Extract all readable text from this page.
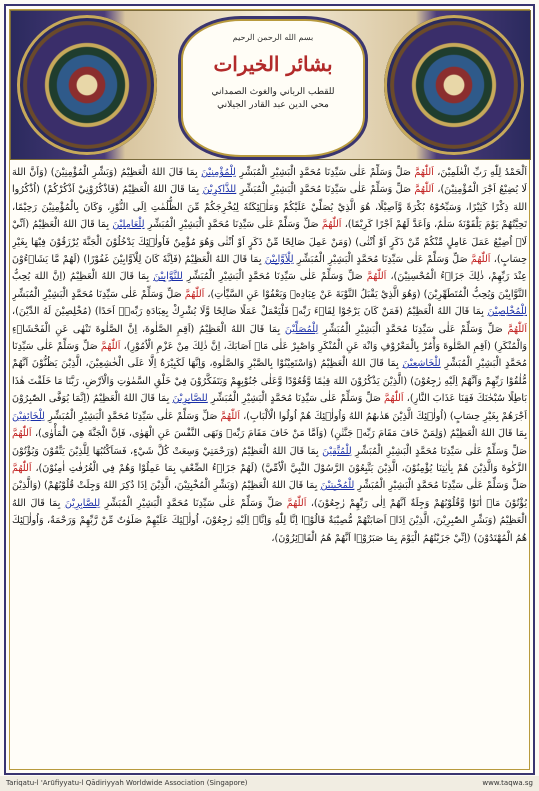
بسم الله الرحمن الرحيم
بشائر الخيرات
للقطب الرباني والغوث الصمداني
محي الدين عبد القادر الجيلاني

اَلْحَمْدُ لِلّٰهِ رَبِّ الْعٰلَمِيْنَ، اَللّٰهُمَّ صَلِّ وَسَلِّمْ عَلٰى سَيِّدِنَا مُحَمَّدٍ الْبَشِيْرِ الْمُبَشِّرِ لِلْمُؤْمِنِيْنَ بِمَا قَالَ اللهُ الْعَظِيْمُ (وَبَشِّرِ الْمُؤْمِنِيْنَ) (وَاَنَّ اللهَ لَا يُضِيْعُ اَجْرَ الْمُؤْمِنِيْنَ)، اَللّٰهُمَّ صَلِّ وَسَلِّمْ عَلٰى سَيِّدِنَا مُحَمَّدٍ الْبَشِيْرِ الْمُبَشِّرِ لِلذَّاكِرِيْنَ بِمَا قَالَ اللهُ الْعَظِيْمُ (فَاذْكُرُوْنِيْ اَذْكُرْكُمْ) (اُذْكُرُوا اللهَ ذِكْرًا كَثِيْرًا، وَسَبِّحُوْهُ بُكْرَةً وَّاَصِيْلًا، هُوَ الَّذِيْ يُصَلِّيْ عَلَيْكُمْ وَمَلٰۤئِكَتُهٗ لِيُخْرِجَكُمْ مِّنَ الظُّلُمٰتِ اِلَى النُّوْرِ، وَكَانَ بِالْمُؤْمِنِيْنَ رَحِيْمًا، تَحِيَّتُهُمْ يَوْمَ يَلْقَوْنَهٗ سَلٰمٌ، وَاَعَدَّ لَهُمْ اَجْرًا كَرِيْمًا)، اَللّٰهُمَّ صَلِّ وَسَلِّمْ عَلٰى سَيِّدِنَا مُحَمَّدٍ الْبَشِيْرِ الْمُبَشِّرِ لِلْعَامِلِيْنَ بِمَا قَالَ اللهُ الْعَظِيْمُ (اَنِّيْ لَاۤ اُضِيْعُ عَمَلَ عَامِلٍ مِّنْكُمْ مِّنْ ذَكَرٍ اَوْ اُنْثٰى) (وَمَنْ عَمِلَ صَالِحًا مِّنْ ذَكَرٍ اَوْ اُنْثٰى وَهُوَ مُؤْمِنٌ فَاُولٰۤئِكَ يَدْخُلُوْنَ الْجَنَّةَ يُرْزَقُوْنَ فِيْهَا بِغَيْرِ حِسَابٍ)، اَللّٰهُمَّ صَلِّ وَسَلِّمْ عَلٰى سَيِّدِنَا مُحَمَّدٍ الْبَشِيْرِ الْمُبَشِّرِ لِلْاَوَّابِيْنَ بِمَا قَالَ اللهُ الْعَظِيْمُ (فَاِنَّهٗ كَانَ لِلْاَوَّابِيْنَ غَفُوْرًا) (لَهُمْ مَّا يَشَاۤءُوْنَ عِنْدَ رَبِّهِمْ، ذٰلِكَ جَزَاۤءُ الْمُحْسِنِيْنَ)، اَللّٰهُمَّ صَلِّ وَسَلِّمْ عَلٰى سَيِّدِنَا مُحَمَّدٍ الْبَشِيْرِ الْمُبَشِّرِ لِلتَّوَّابِيْنَ بِمَا قَالَ اللهُ الْعَظِيْمُ (اِنَّ اللهَ يُحِبُّ التَّوَّابِيْنَ وَيُحِبُّ الْمُتَطَهِّرِيْنَ) (وَهُوَ الَّذِيْ يَقْبَلُ التَّوْبَةَ عَنْ عِبَادِهٖ وَيَعْفُوْا عَنِ السَّيِّاٰتِ)، اَللّٰهُمَّ صَلِّ وَسَلِّمْ عَلٰى سَيِّدِنَا مُحَمَّدٍ الْبَشِيْرِ الْمُبَشِّرِ لِلْمُخْلِصِيْنَ بِمَا قَالَ اللهُ الْعَظِيْمُ (فَمَنْ كَانَ يَرْجُوْا لِقَاۤءَ رَبِّهٖ فَلْيَعْمَلْ عَمَلًا صَالِحًا وَّلَا يُشْرِكْ بِعِبَادَةِ رَبِّهٖۤ اَحَدًا) (مُخْلِصِيْنَ لَهُ الدِّيْنَ)، اَللّٰهُمَّ صَلِّ وَسَلِّمْ عَلٰى سَيِّدِنَا مُحَمَّدٍ الْبَشِيْرِ الْمُبَشِّرِ لِلْمُصَلِّيْنَ بِمَا قَالَ اللهُ الْعَظِيْمُ (اَقِمِ الصَّلٰوةَ، اِنَّ الصَّلٰوةَ تَنْهٰى عَنِ الْفَحْشَاۤءِ وَالْمُنْكَرِ) (اَقِمِ الصَّلٰوةَ وَأْمُرْ بِالْمَعْرُوْفِ وَانْهَ عَنِ الْمُنْكَرِ وَاصْبِرْ عَلٰى مَاۤ اَصَابَكَ، اِنَّ ذٰلِكَ مِنْ عَزْمِ الْاُمُوْرِ)، اَللّٰهُمَّ صَلِّ وَسَلِّمْ عَلٰى سَيِّدِنَا مُحَمَّدٍ الْبَشِيْرِ الْمُبَشِّرِ لِلْخَاشِعِيْنَ بِمَا قَالَ اللهُ الْعَظِيْمُ (وَاسْتَعِيْنُوْا بِالصَّبْرِ وَالصَّلٰوةِ، وَاِنَّهَا لَكَبِيْرَةٌ اِلَّا عَلَى الْخٰشِعِيْنَ، الَّذِيْنَ يَظُنُّوْنَ اَنَّهُمْ مُّلٰقُوْا رَبِّهِمْ وَاَنَّهُمْ اِلَيْهِ رٰجِعُوْنَ) (الَّذِيْنَ يَذْكُرُوْنَ اللهَ قِيٰمًا وَّقُعُوْدًا وَّعَلٰى جُنُوْبِهِمْ وَيَتَفَكَّرُوْنَ فِيْ خَلْقِ السَّمٰوٰتِ وَالْاَرْضِ، رَبَّنَا مَا خَلَقْتَ هٰذَا بَاطِلًا سُبْحٰنَكَ فَقِنَا عَذَابَ النَّارِ)، اَللّٰهُمَّ صَلِّ وَسَلِّمْ عَلٰى سَيِّدِنَا مُحَمَّدٍ الْبَشِيْرِ الْمُبَشِّرِ لِلصَّابِرِيْنَ بِمَا قَالَ اللهُ الْعَظِيْمُ (اِنَّمَا يُوَفَّى الصّٰبِرُوْنَ اَجْرَهُمْ بِغَيْرِ حِسَابٍ) (اُولٰۤئِكَ الَّذِيْنَ هَدٰىهُمُ اللهُ وَاُولٰۤئِكَ هُمْ اُولُوا الْاَلْبَابِ)، اَللّٰهُمَّ صَلِّ وَسَلِّمْ عَلٰى سَيِّدِنَا مُحَمَّدٍ الْبَشِيْرِ الْمُبَشِّرِ لِلْخَائِفِيْنَ بِمَا قَالَ اللهُ الْعَظِيْمُ (وَلِمَنْ خَافَ مَقَامَ رَبِّهٖ جَنَّتٰنِ) (وَاَمَّا مَنْ خَافَ مَقَامَ رَبِّهٖ وَنَهَى النَّفْسَ عَنِ الْهَوٰى، فَاِنَّ الْجَنَّةَ هِيَ الْمَأْوٰى)، اَللّٰهُمَّ صَلِّ وَسَلِّمْ عَلٰى سَيِّدِنَا مُحَمَّدٍ الْبَشِيْرِ الْمُبَشِّرِ لِلْمُتَّقِيْنَ بِمَا قَالَ اللهُ الْعَظِيْمُ (وَرَحْمَتِيْ وَسِعَتْ كُلَّ شَيْءٍ، فَسَاَكْتُبُهَا لِلَّذِيْنَ يَتَّقُوْنَ وَيُؤْتُوْنَ الزَّكٰوةَ وَالَّذِيْنَ هُمْ بِاٰيٰتِنَا يُؤْمِنُوْنَ، الَّذِيْنَ يَتَّبِعُوْنَ الرَّسُوْلَ النَّبِيَّ الْاُمِّيَّ) (لَهُمْ جَزَاۤءُ الضِّعْفِ بِمَا عَمِلُوْا وَهُمْ فِي الْغُرُفٰتِ اٰمِنُوْنَ)، اَللّٰهُمَّ صَلِّ وَسَلِّمْ عَلٰى سَيِّدِنَا مُحَمَّدٍ الْبَشِيْرِ الْمُبَشِّرِ لِلْمُخْبِتِيْنَ بِمَا قَالَ اللهُ الْعَظِيْمُ (وَبَشِّرِ الْمُخْبِتِيْنَ، الَّذِيْنَ اِذَا ذُكِرَ اللهُ وَجِلَتْ قُلُوْبُهُمْ) (وَالَّذِيْنَ يُؤْتُوْنَ مَاۤ اٰتَوْا وَّقُلُوْبُهُمْ وَجِلَةٌ اَنَّهُمْ اِلٰى رَبِّهِمْ رٰجِعُوْنَ)، اَللّٰهُمَّ صَلِّ وَسَلِّمْ عَلٰى سَيِّدِنَا مُحَمَّدٍ الْبَشِيْرِ الْمُبَشِّرِ لِلصَّابِرِيْنَ بِمَا قَالَ اللهُ الْعَظِيْمُ (وَبَشِّرِ الصّٰبِرِيْنَ، الَّذِيْنَ اِذَاۤ اَصَابَتْهُمْ مُّصِيْبَةٌ قَالُوْۤا اِنَّا لِلّٰهِ وَاِنَّاۤ اِلَيْهِ رٰجِعُوْنَ، اُولٰۤئِكَ عَلَيْهِمْ صَلَوٰتٌ مِّنْ رَّبِّهِمْ وَرَحْمَةٌ، وَاُولٰۤئِكَ هُمُ الْمُهْتَدُوْنَ) (اِنِّيْ جَزَيْتُهُمُ الْيَوْمَ بِمَا صَبَرُوْۤا اَنَّهُمْ هُمُ الْفَاۤئِزُوْنَ)،

Tariqatu-l 'Arūfiyyatu-l Qādiriyyah Worldwide Association (Singapore)	www.taqwa.sg
